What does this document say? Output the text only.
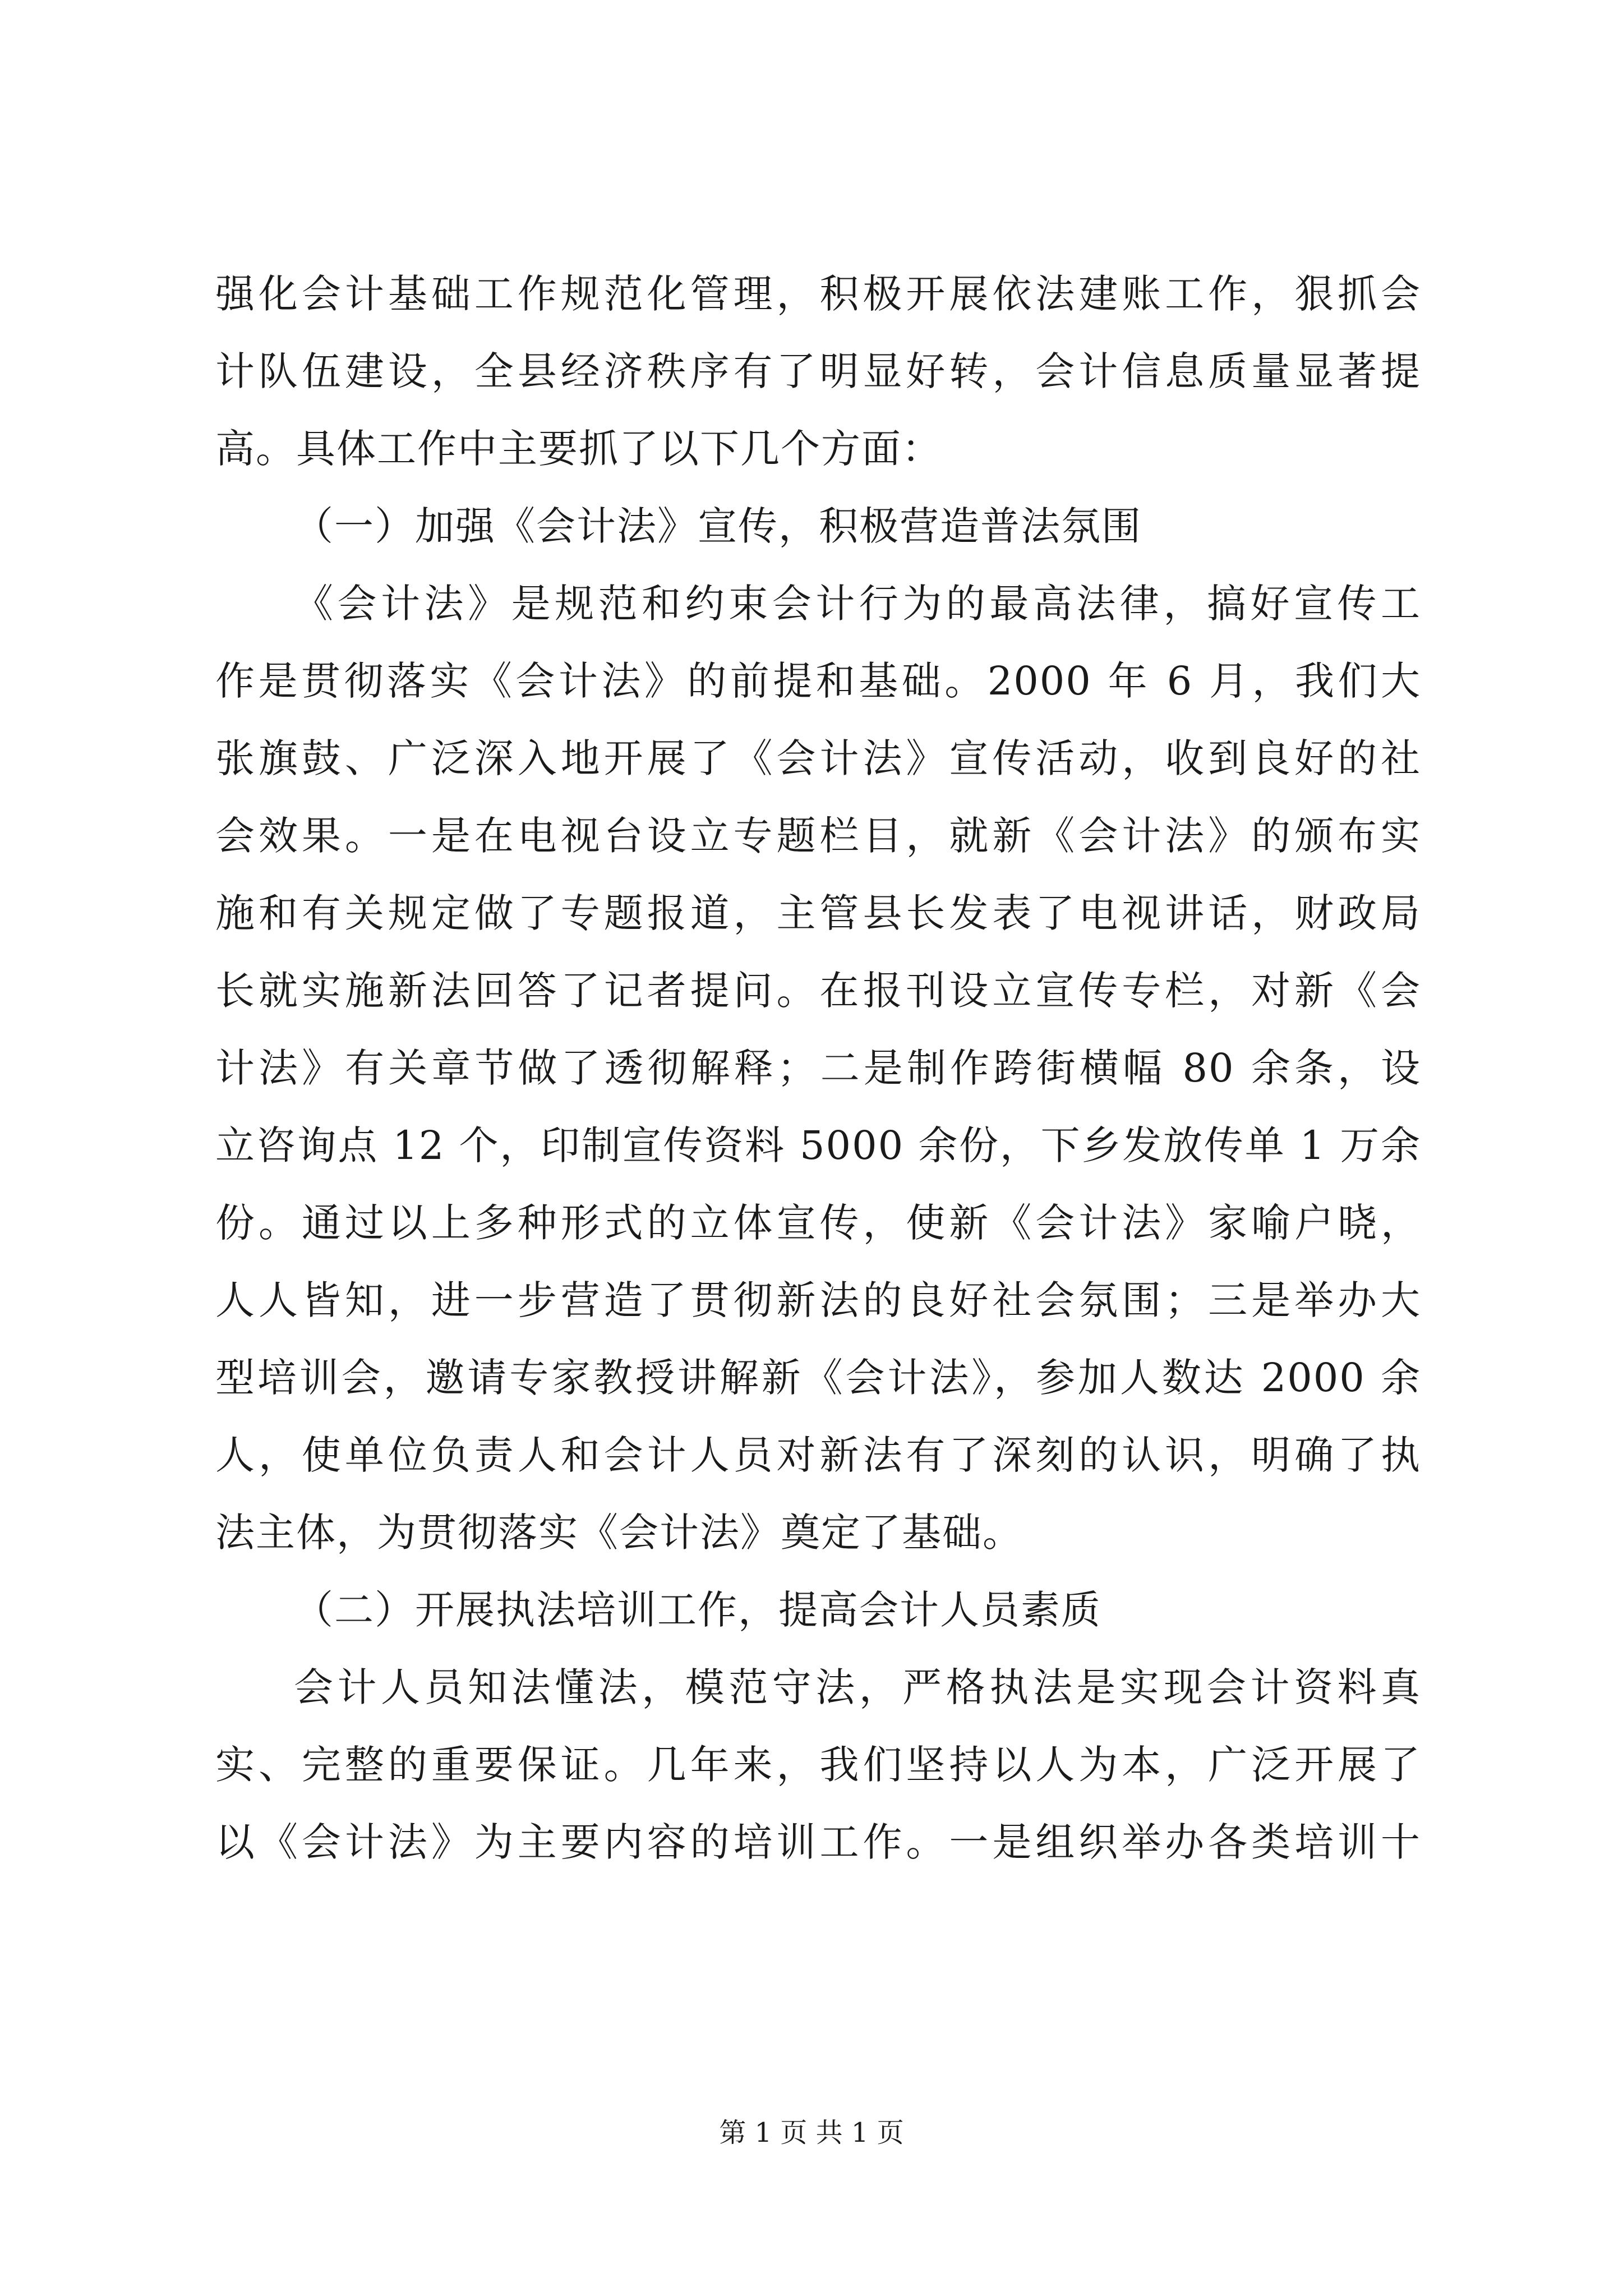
强化会计基础工作规范化管理，积极开展依法建账工作，狠抓会
计队伍建设，全县经济秩序有了明显好转，会计信息质量显著提
高。具体工作中主要抓了以下几个方面：
（一）加强《会计法》宣传，积极营造普法氛围
《会计法》是规范和约束会计行为的最高法律，搞好宣传工
作是贯彻落实《会计法》的前提和基础。2000 年 6 月，我们大
张旗鼓、广泛深入地开展了《会计法》宣传活动，收到良好的社
会效果。一是在电视台设立专题栏目，就新《会计法》的颁布实
施和有关规定做了专题报道，主管县长发表了电视讲话，财政局
长就实施新法回答了记者提问。在报刊设立宣传专栏，对新《会
计法》有关章节做了透彻解释；二是制作跨街横幅 80 余条，设
立咨询点 12 个，印制宣传资料 5000 余份，下乡发放传单 1 万余
份。通过以上多种形式的立体宣传，使新《会计法》家喻户晓，
人人皆知，进一步营造了贯彻新法的良好社会氛围；三是举办大
型培训会，邀请专家教授讲解新《会计法》，参加人数达 2000 余
人，使单位负责人和会计人员对新法有了深刻的认识，明确了执
法主体，为贯彻落实《会计法》奠定了基础。
（二）开展执法培训工作，提高会计人员素质
会计人员知法懂法，模范守法，严格执法是实现会计资料真
实、完整的重要保证。几年来，我们坚持以人为本，广泛开展了
以《会计法》为主要内容的培训工作。一是组织举办各类培训十
第 1 页 共 1 页
